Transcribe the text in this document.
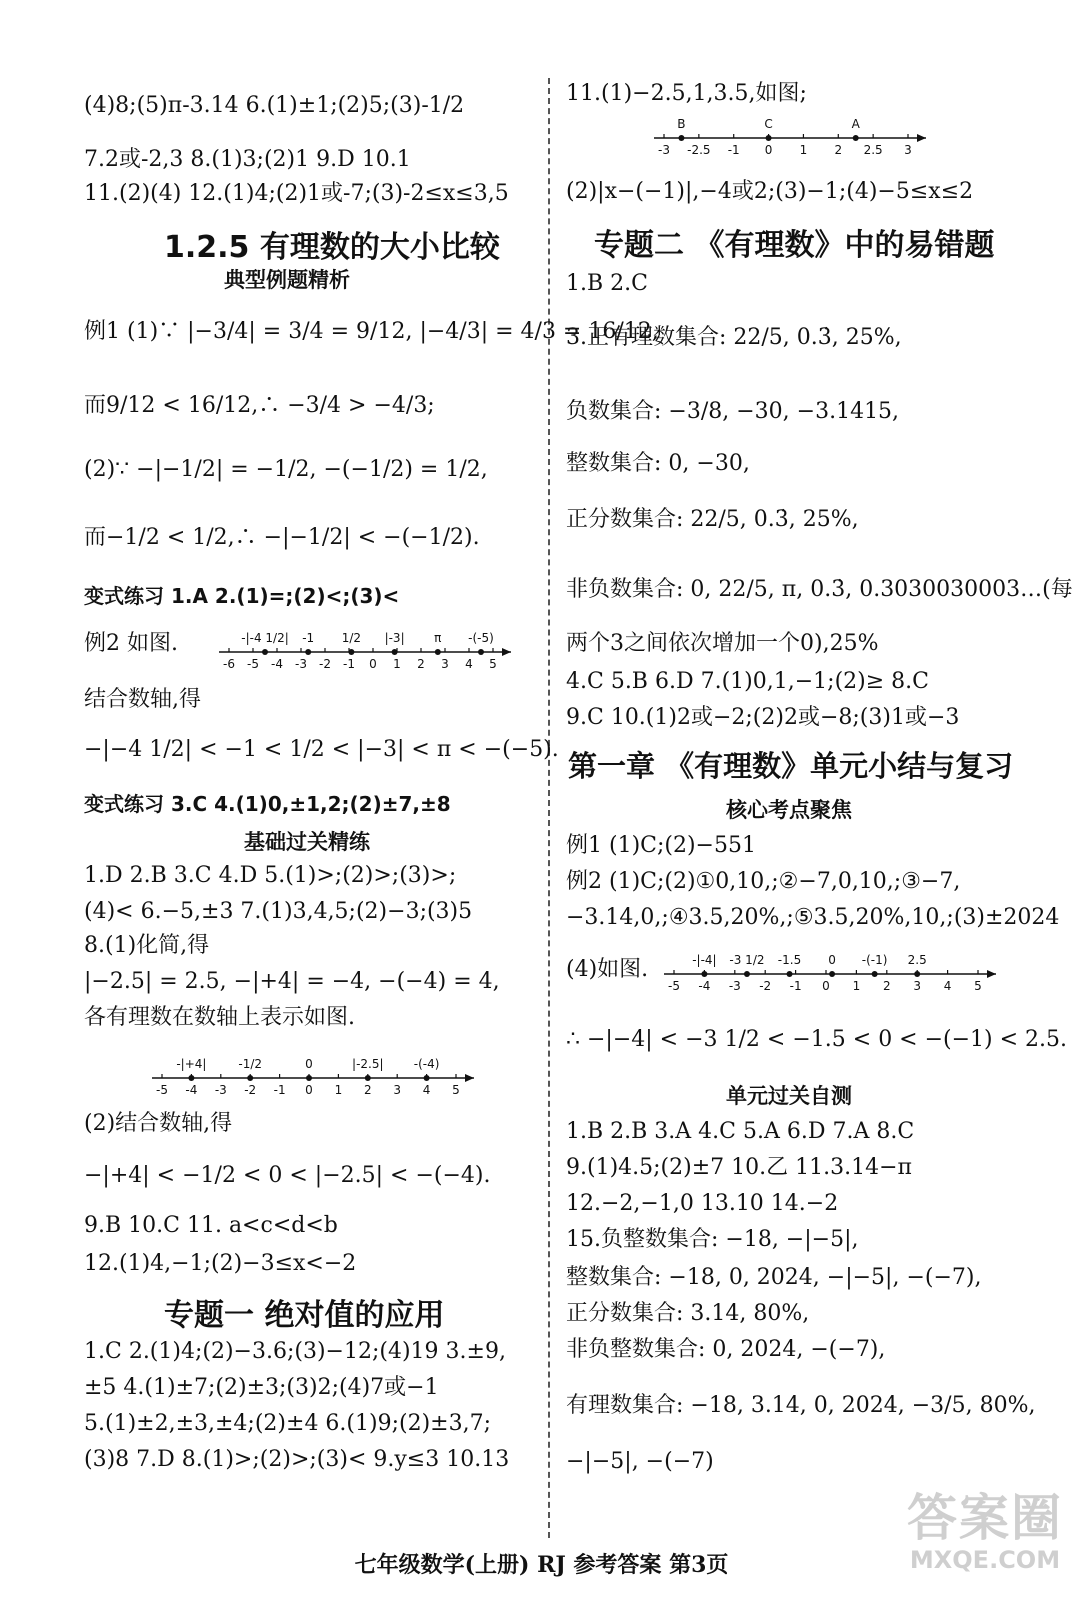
(4)8;(5)π-3.14 6.(1)±1;(2)5;(3)-1/2
7.2或-2,3 8.(1)3;(2)1 9.D 10.1
11.(2)(4) 12.(1)4;(2)1或-7;(3)-2≤x≤3,5
1.2.5 有理数的大小比较
典型例题精析
例1 (1)∵ |−3/4| = 3/4 = 9/12, |−4/3| = 4/3 = 16/12,
而9/12 < 16/12,∴ −3/4 > −4/3;
(2)∵ −|−1/2| = −1/2, −(−1/2) = 1/2,
而−1/2 < 1/2,∴ −|−1/2| < −(−1/2).
变式练习 1.A 2.(1)=;(2)<;(3)<
例2 如图.
结合数轴,得
−|−4 1/2| < −1 < 1/2 < |−3| < π < −(−5).
变式练习 3.C 4.(1)0,±1,2;(2)±7,±8
基础过关精练
1.D 2.B 3.C 4.D 5.(1)>;(2)>;(3)>;
(4)< 6.−5,±3 7.(1)3,4,5;(2)−3;(3)5
8.(1)化简,得
|−2.5| = 2.5, −|+4| = −4, −(−4) = 4,
各有理数在数轴上表示如图.
(2)结合数轴,得
−|+4| < −1/2 < 0 < |−2.5| < −(−4).
9.B 10.C 11. a<c<d<b
12.(1)4,−1;(2)−3≤x<−2
专题一 绝对值的应用
1.C 2.(1)4;(2)−3.6;(3)−12;(4)19 3.±9,
±5 4.(1)±7;(2)±3;(3)2;(4)7或−1
5.(1)±2,±3,±4;(2)±4 6.(1)9;(2)±3,7;
(3)8 7.D 8.(1)>;(2)>;(3)< 9.y≤3 10.13
-6 -5 -4 -3 -2 -1 0 1 2 3 4 5
-|-4 1/2| -1 1/2 |-3| π -(-5)
-5 -4 -3 -2 -1 0 1 2 3 4 5
-|+4|	-1/2	0	|-2.5|	-(-4)
-3 -2.5 -1 0 1 2 2.5 3
B	C	A
-5 -4 -3 -2 -1 0 1 2 3 4 5
-|-4| -3 1/2 -1.5 0 -(-1) 2.5
11.(1)−2.5,1,3.5,如图;
(2)|x−(−1)|,−4或2;(3)−1;(4)−5≤x≤2
专题二 《有理数》中的易错题
1.B 2.C
3.正有理数集合: 22/5, 0.3̇, 25%,
负数集合: −3/8, −30, −3.1415,
整数集合: 0, −30,
正分数集合: 22/5, 0.3̇, 25%,
非负数集合: 0, 22/5, π, 0.3̇, 0.3030030003…(每
两个3之间依次增加一个0),25%
4.C 5.B 6.D 7.(1)0,1,−1;(2)≥ 8.C
9.C 10.(1)2或−2;(2)2或−8;(3)1或−3
第一章 《有理数》单元小结与复习
核心考点聚焦
例1 (1)C;(2)−551
例2 (1)C;(2)①0,10,;②−7,0,10,;③−7,
−3.14,0,;④3.5,20%,;⑤3.5,20%,10,;(3)±2024
(4)如图.
∴ −|−4| < −3 1/2 < −1.5 < 0 < −(−1) < 2.5.
单元过关自测
1.B 2.B 3.A 4.C 5.A 6.D 7.A 8.C
9.(1)4.5;(2)±7 10.乙 11.3.14−π
12.−2,−1,0 13.10 14.−2
15.负整数集合: −18, −|−5|,
整数集合: −18, 0, 2024, −|−5|, −(−7),
正分数集合: 3.14, 80%,
非负整数集合: 0, 2024, −(−7),
有理数集合: −18, 3.14, 0, 2024, −3/5, 80%,
−|−5|, −(−7)
七年级数学(上册) RJ 参考答案 第3页
答案圈
MXQE.COM
